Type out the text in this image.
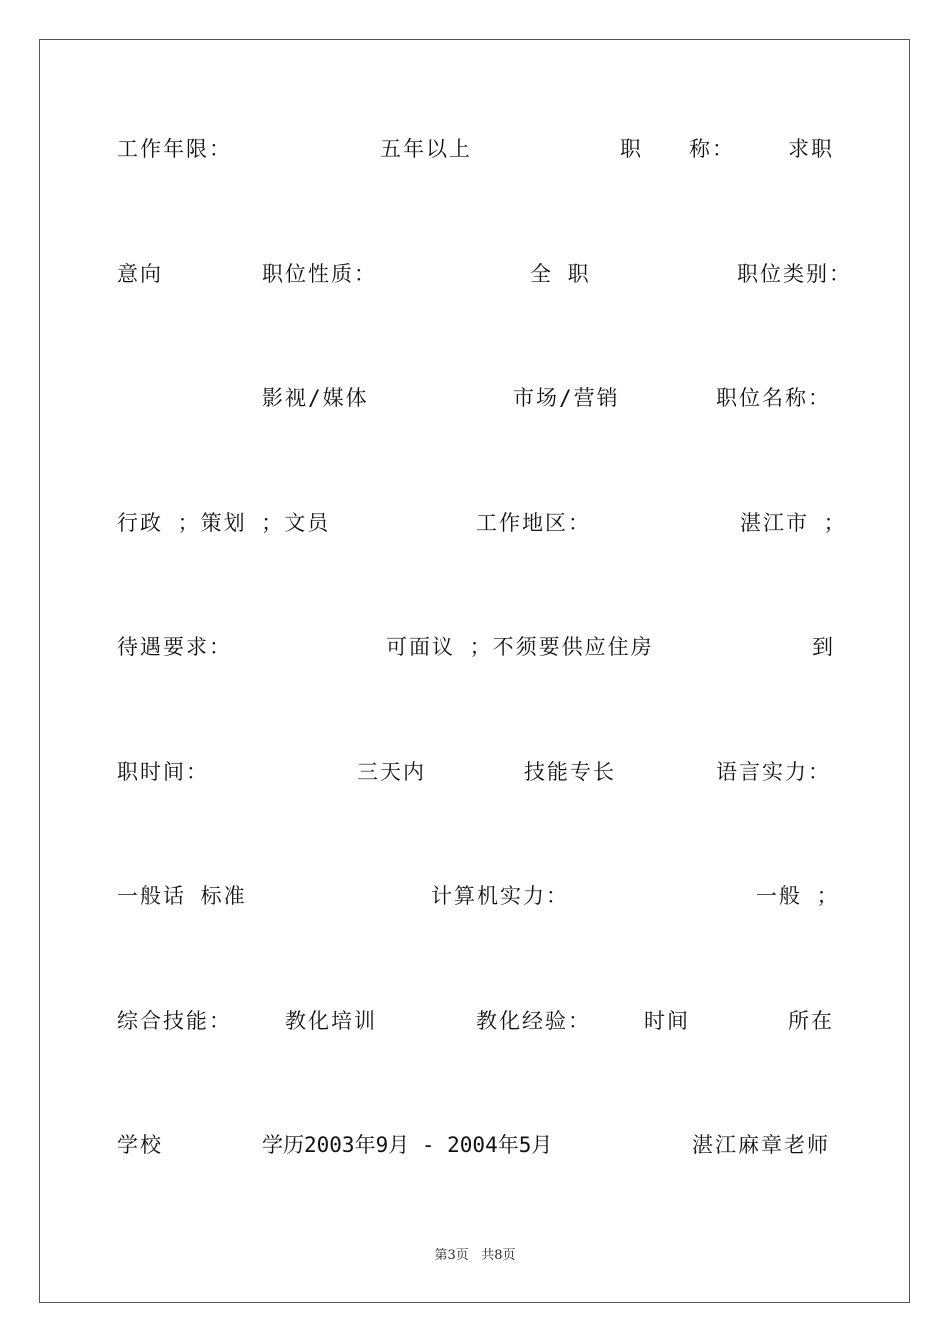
工作年限：	五年以上	职　　称：	求职
意向	职位性质：	全 职	职位类别：
影视/媒体	市场/营销	职位名称：
行政 ；策划 ；文员	工作地区：	湛江市 ；
待遇要求：	可面议 ；不须要供应住房	到
职时间：	三天内	技能专长	语言实力：
一般话 标准	计算机实力：	一般 ；
综合技能：	教化培训	教化经验：	时间	所在
学校	学历2003年9月 - 2004年5月	湛江麻章老师
第3页 共8页
